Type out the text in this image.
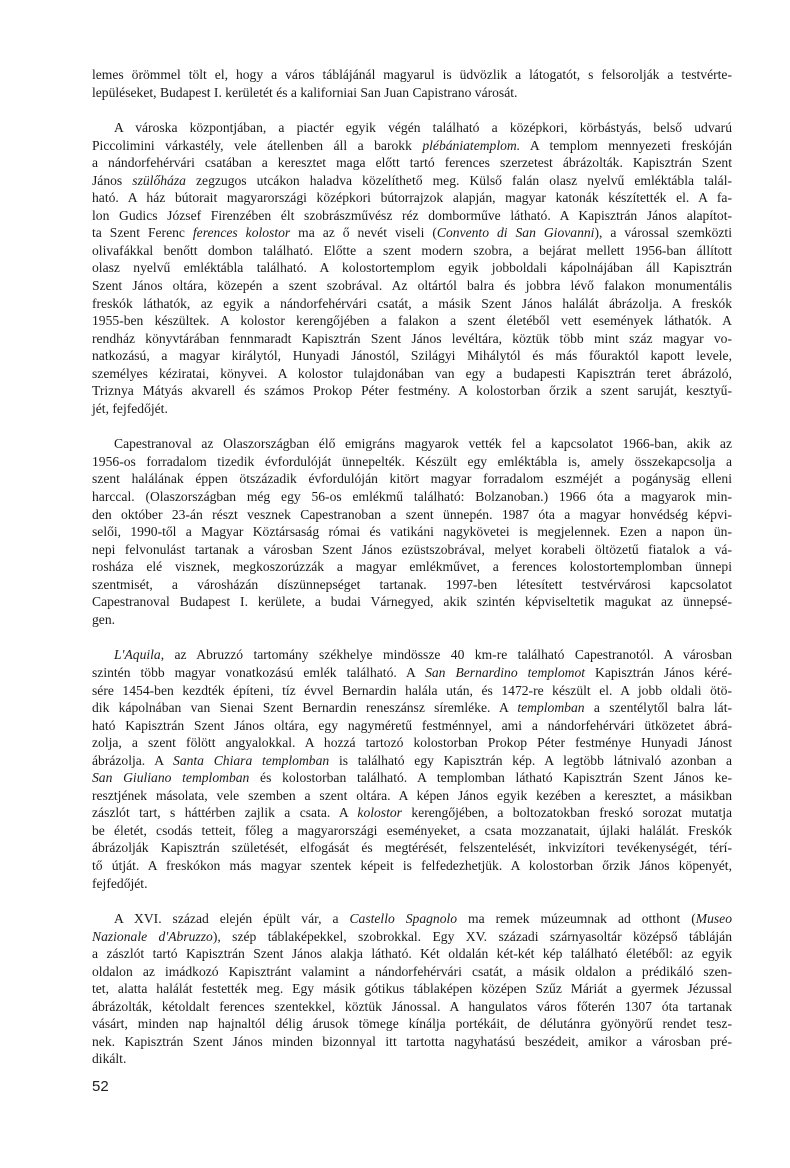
lemes örömmel tölt el, hogy a város táblájánál magyarul is üdvözlik a látogatót, s felsorolják a testvérte-
lepüléseket, Budapest I. kerületét és a kaliforniai San Juan Capistrano városát.
A városka központjában, a piactér egyik végén található a középkori, körbástyás, belső udvarú
Piccolimini várkastély, vele átellenben áll a barokk plébániatemplom. A templom mennyezeti freskóján
a nándorfehérvári csatában a keresztet maga előtt tartó ferences szerzetest ábrázolták. Kapisztrán Szent
János szülőháza zegzugos utcákon haladva közelíthető meg. Külső falán olasz nyelvű emléktábla talál-
ható. A ház bútorait magyarországi középkori bútorrajzok alapján, magyar katonák készítették el. A fa-
lon Gudics József Firenzében élt szobrászművész réz domborműve látható. A Kapisztrán János alapítot-
ta Szent Ferenc ferences kolostor ma az ő nevét viseli (Convento di San Giovanni), a várossal szemközti
olivafákkal benőtt dombon található. Előtte a szent modern szobra, a bejárat mellett 1956-ban állított
olasz nyelvű emléktábla található. A kolostortemplom egyik jobboldali kápolnájában áll Kapisztrán
Szent János oltára, közepén a szent szobrával. Az oltártól balra és jobbra lévő falakon monumentális
freskók láthatók, az egyik a nándorfehérvári csatát, a másik Szent János halálát ábrázolja. A freskók
1955-ben készültek. A kolostor kerengőjében a falakon a szent életéből vett események láthatók. A
rendház könyvtárában fennmaradt Kapisztrán Szent János levéltára, köztük több mint száz magyar vo-
natkozású, a magyar királytól, Hunyadi Jánostól, Szilágyi Mihálytól és más főuraktól kapott levele,
személyes kéziratai, könyvei. A kolostor tulajdonában van egy a budapesti Kapisztrán teret ábrázoló,
Triznya Mátyás akvarell és számos Prokop Péter festmény. A kolostorban őrzik a szent saruját, kesztyű-
jét, fejfedőjét.
Capestranoval az Olaszországban élő emigráns magyarok vették fel a kapcsolatot 1966-ban, akik az
1956-os forradalom tizedik évfordulóját ünnepelték. Készült egy emléktábla is, amely összekapcsolja a
szent halálának éppen ötszázadik évfordulóján kitört magyar forradalom eszméjét a pogánysäg elleni
harccal. (Olaszországban még egy 56-os emlékmű található: Bolzanoban.) 1966 óta a magyarok min-
den október 23-án részt vesznek Capestranoban a szent ünnepén. 1987 óta a magyar honvédség képvi-
selői, 1990-től a Magyar Köztársaság római és vatikáni nagykövetei is megjelennek. Ezen a napon ün-
nepi felvonulást tartanak a városban Szent János ezüstszobrával, melyet korabeli öltözetű fiatalok a vá-
rosháza elé visznek, megkoszorúzzák a magyar emlékművet, a ferences kolostortemplomban ünnepi
szentmisét, a városházán díszünnepséget tartanak. 1997-ben létesített testvérvárosi kapcsolatot
Capestranoval Budapest I. kerülete, a budai Várnegyed, akik szintén képviseltetik magukat az ünnepsé-
gen.
L'Aquila, az Abruzzó tartomány székhelye mindössze 40 km-re található Capestranotól. A városban
szintén több magyar vonatkozású emlék található. A San Bernardino templomot Kapisztrán János kéré-
sére 1454-ben kezdték építeni, tíz évvel Bernardin halála után, és 1472-re készült el. A jobb oldali ötö-
dik kápolnában van Sienai Szent Bernardin reneszánsz síremléke. A templomban a szentélytől balra lát-
ható Kapisztrán Szent János oltára, egy nagyméretű festménnyel, ami a nándorfehérvári ütközetet ábrá-
zolja, a szent fölött angyalokkal. A hozzá tartozó kolostorban Prokop Péter festménye Hunyadi Jánost
ábrázolja. A Santa Chiara templomban is található egy Kapisztrán kép. A legtöbb látnivaló azonban a
San Giuliano templomban és kolostorban található. A templomban látható Kapisztrán Szent János ke-
resztjének másolata, vele szemben a szent oltára. A képen János egyik kezében a keresztet, a másikban
zászlót tart, s háttérben zajlik a csata. A kolostor kerengőjében, a boltozatokban freskó sorozat mutatja
be életét, csodás tetteit, főleg a magyarországi eseményeket, a csata mozzanatait, újlaki halálát. Freskók
ábrázolják Kapisztrán születését, elfogását és megtérését, felszentelését, inkvizítori tevékenységét, térí-
tő útját. A freskókon más magyar szentek képeit is felfedezhetjük. A kolostorban őrzik János köpenyét,
fejfedőjét.
A XVI. század elején épült vár, a Castello Spagnolo ma remek múzeumnak ad otthont (Museo
Nazionale d'Abruzzo), szép táblaképekkel, szobrokkal. Egy XV. századi szárnyasoltár középső tábláján
a zászlót tartó Kapisztrán Szent János alakja látható. Két oldalán két-két kép található életéből: az egyik
oldalon az imádkozó Kapisztránt valamint a nándorfehérvári csatát, a másik oldalon a prédikáló szen-
tet, alatta halálát festették meg. Egy másik gótikus táblaképen középen Szűz Máriát a gyermek Jézussal
ábrázolták, kétoldalt ferences szentekkel, köztük Jánossal. A hangulatos város főterén 1307 óta tartanak
vásárt, minden nap hajnaltól délig árusok tömege kínálja portékáit, de délutánra gyönyörű rendet tesz-
nek. Kapisztrán Szent János minden bizonnyal itt tartotta nagyhatású beszédeit, amikor a városban pré-
dikált.
52
